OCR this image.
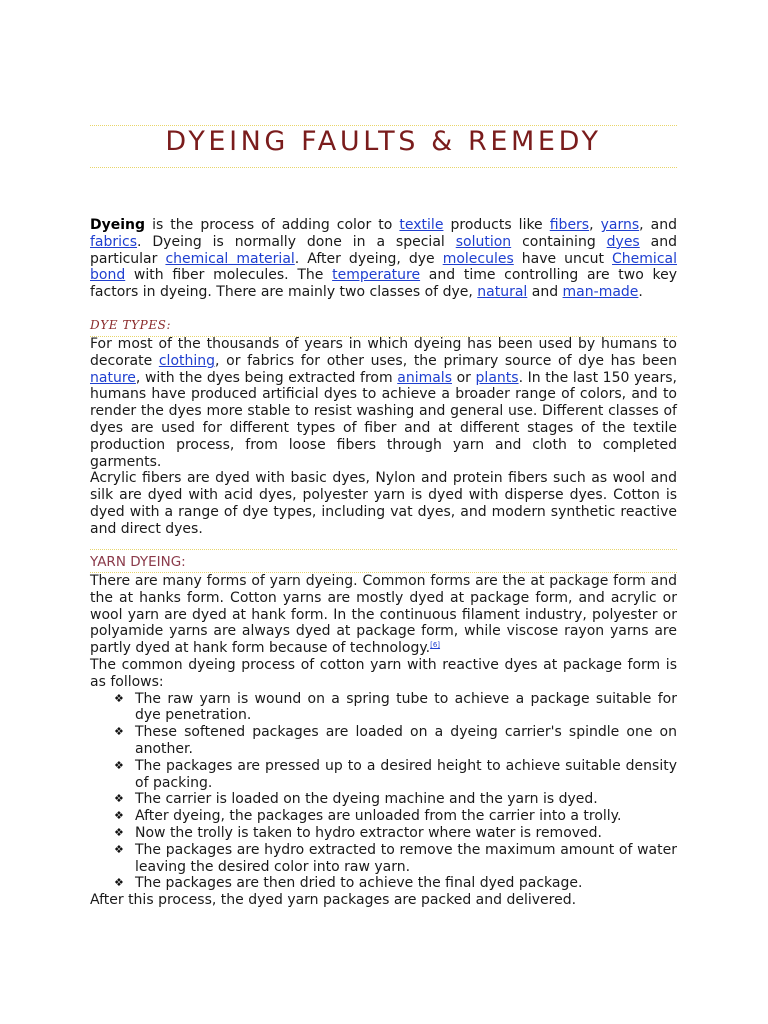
DYEING FAULTS & REMEDY

Dyeing is the process of adding color to textile products like fibers, yarns, and fabrics. Dyeing is normally done in a special solution containing dyes and particular chemical material. After dyeing, dye molecules have uncut Chemical bond with fiber molecules. The temperature and time controlling are two key factors in dyeing. There are mainly two classes of dye, natural and man-made.

DYE TYPES:

For most of the thousands of years in which dyeing has been used by humans to decorate clothing, or fabrics for other uses, the primary source of dye has been nature, with the dyes being extracted from animals or plants. In the last 150 years, humans have produced artificial dyes to achieve a broader range of colors, and to render the dyes more stable to resist washing and general use. Different classes of dyes are used for different types of fiber and at different stages of the textile production process, from loose fibers through yarn and cloth to completed garments.

Acrylic fibers are dyed with basic dyes, Nylon and protein fibers such as wool and silk are dyed with acid dyes, polyester yarn is dyed with disperse dyes. Cotton is dyed with a range of dye types, including vat dyes, and modern synthetic reactive and direct dyes.

YARN DYEING:

There are many forms of yarn dyeing. Common forms are the at package form and the at hanks form. Cotton yarns are mostly dyed at package form, and acrylic or wool yarn are dyed at hank form. In the continuous filament industry, polyester or polyamide yarns are always dyed at package form, while viscose rayon yarns are partly dyed at hank form because of technology.[6]

The common dyeing process of cotton yarn with reactive dyes at package form is as follows:

❖ The raw yarn is wound on a spring tube to achieve a package suitable for dye penetration.
❖ These softened packages are loaded on a dyeing carrier's spindle one on another.
❖ The packages are pressed up to a desired height to achieve suitable density of packing.
❖ The carrier is loaded on the dyeing machine and the yarn is dyed.
❖ After dyeing, the packages are unloaded from the carrier into a trolly.
❖ Now the trolly is taken to hydro extractor where water is removed.
❖ The packages are hydro extracted to remove the maximum amount of water leaving the desired color into raw yarn.
❖ The packages are then dried to achieve the final dyed package.

After this process, the dyed yarn packages are packed and delivered.
